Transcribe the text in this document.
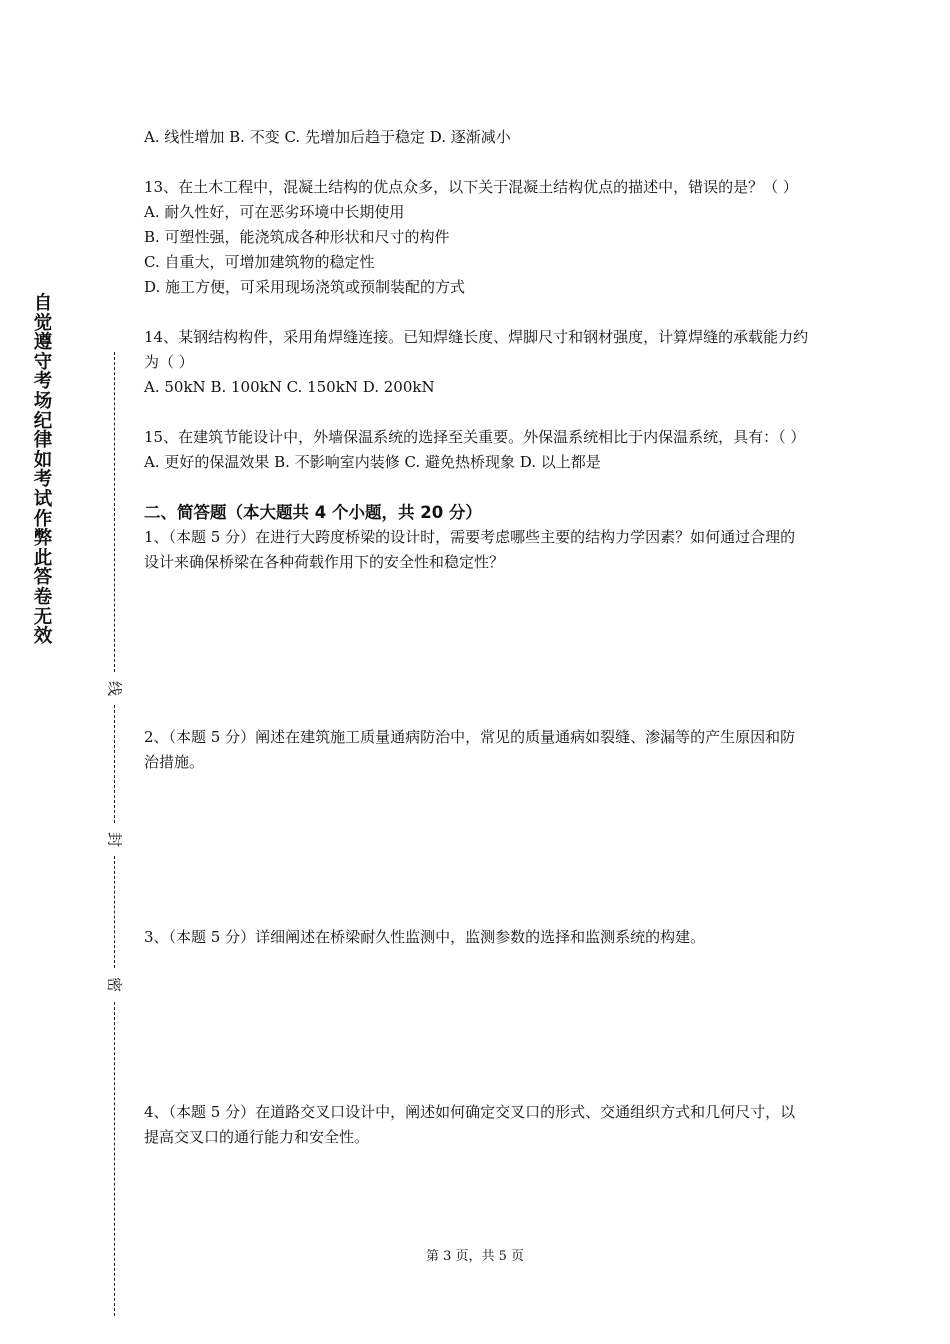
自觉遵守考场纪律如考试作弊此答卷无效
线
封
密

A. 线性增加 B. 不变 C. 先增加后趋于稳定 D. 逐渐减小

13、在土木工程中，混凝土结构的优点众多，以下关于混凝土结构优点的描述中，错误的是？（ ）

A. 耐久性好，可在恶劣环境中长期使用

B. 可塑性强，能浇筑成各种形状和尺寸的构件

C. 自重大，可增加建筑物的稳定性

D. 施工方便，可采用现场浇筑或预制装配的方式

14、某钢结构构件，采用角焊缝连接。已知焊缝长度、焊脚尺寸和钢材强度，计算焊缝的承载能力约为（ ）

A. 50kN B. 100kN C. 150kN D. 200kN

15、在建筑节能设计中，外墙保温系统的选择至关重要。外保温系统相比于内保温系统，具有：（ ）

A. 更好的保温效果 B. 不影响室内装修 C. 避免热桥现象 D. 以上都是

二、简答题（本大题共 4 个小题，共 20 分）

1、（本题 5 分）在进行大跨度桥梁的设计时，需要考虑哪些主要的结构力学因素？如何通过合理的设计来确保桥梁在各种荷载作用下的安全性和稳定性？

2、（本题 5 分）阐述在建筑施工质量通病防治中，常见的质量通病如裂缝、渗漏等的产生原因和防治措施。

3、（本题 5 分）详细阐述在桥梁耐久性监测中，监测参数的选择和监测系统的构建。

4、（本题 5 分）在道路交叉口设计中，阐述如何确定交叉口的形式、交通组织方式和几何尺寸，以提高交叉口的通行能力和安全性。

第 3 页，共 5 页
